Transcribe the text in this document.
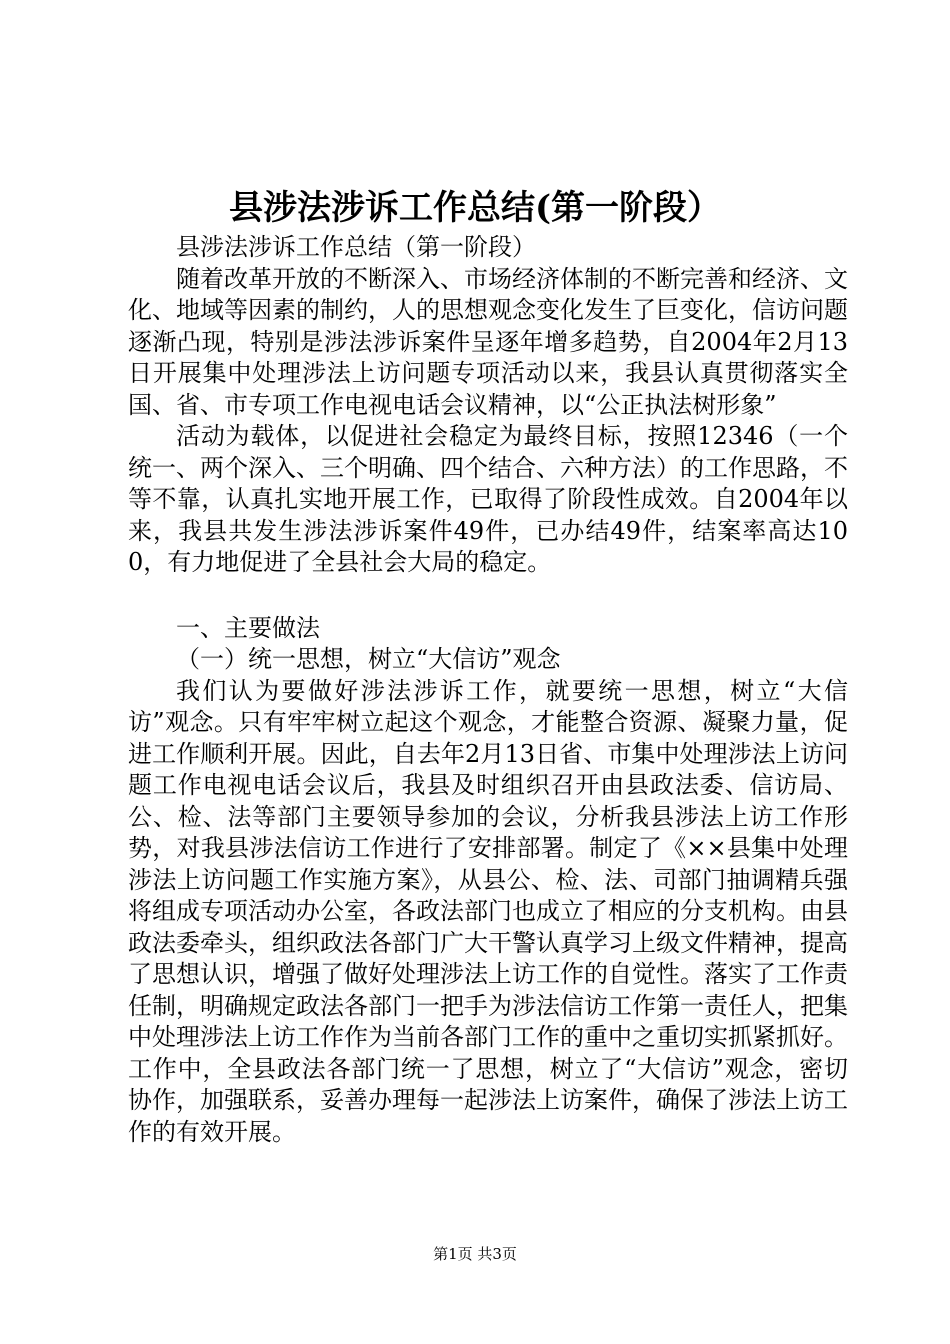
县涉法涉诉工作总结(第一阶段）

县涉法涉诉工作总结（第一阶段）

随着改革开放的不断深入、市场经济体制的不断完善和经济、文化、地域等因素的制约，人的思想观念变化发生了巨变化，信访问题逐渐凸现，特别是涉法涉诉案件呈逐年增多趋势，自2004年2月13日开展集中处理涉法上访问题专项活动以来，我县认真贯彻落实全国、省、市专项工作电视电话会议精神，以“公正执法树形象”

活动为载体，以促进社会稳定为最终目标，按照12346（一个统一、两个深入、三个明确、四个结合、六种方法）的工作思路，不等不靠，认真扎实地开展工作，已取得了阶段性成效。自2004年以来，我县共发生涉法涉诉案件49件，已办结49件，结案率高达100，有力地促进了全县社会大局的稳定。

一、主要做法

（一）统一思想，树立“大信访”观念

我们认为要做好涉法涉诉工作，就要统一思想，树立“大信访”观念。只有牢牢树立起这个观念，才能整合资源、凝聚力量，促进工作顺利开展。因此，自去年2月13日省、市集中处理涉法上访问题工作电视电话会议后，我县及时组织召开由县政法委、信访局、公、检、法等部门主要领导参加的会议，分析我县涉法上访工作形势，对我县涉法信访工作进行了安排部署。制定了《××县集中处理涉法上访问题工作实施方案》，从县公、检、法、司部门抽调精兵强将组成专项活动办公室，各政法部门也成立了相应的分支机构。由县政法委牵头，组织政法各部门广大干警认真学习上级文件精神，提高了思想认识，增强了做好处理涉法上访工作的自觉性。落实了工作责任制，明确规定政法各部门一把手为涉法信访工作第一责任人，把集中处理涉法上访工作作为当前各部门工作的重中之重切实抓紧抓好。工作中，全县政法各部门统一了思想，树立了“大信访”观念，密切协作，加强联系，妥善办理每一起涉法上访案件，确保了涉法上访工作的有效开展。

第1页 共3页
